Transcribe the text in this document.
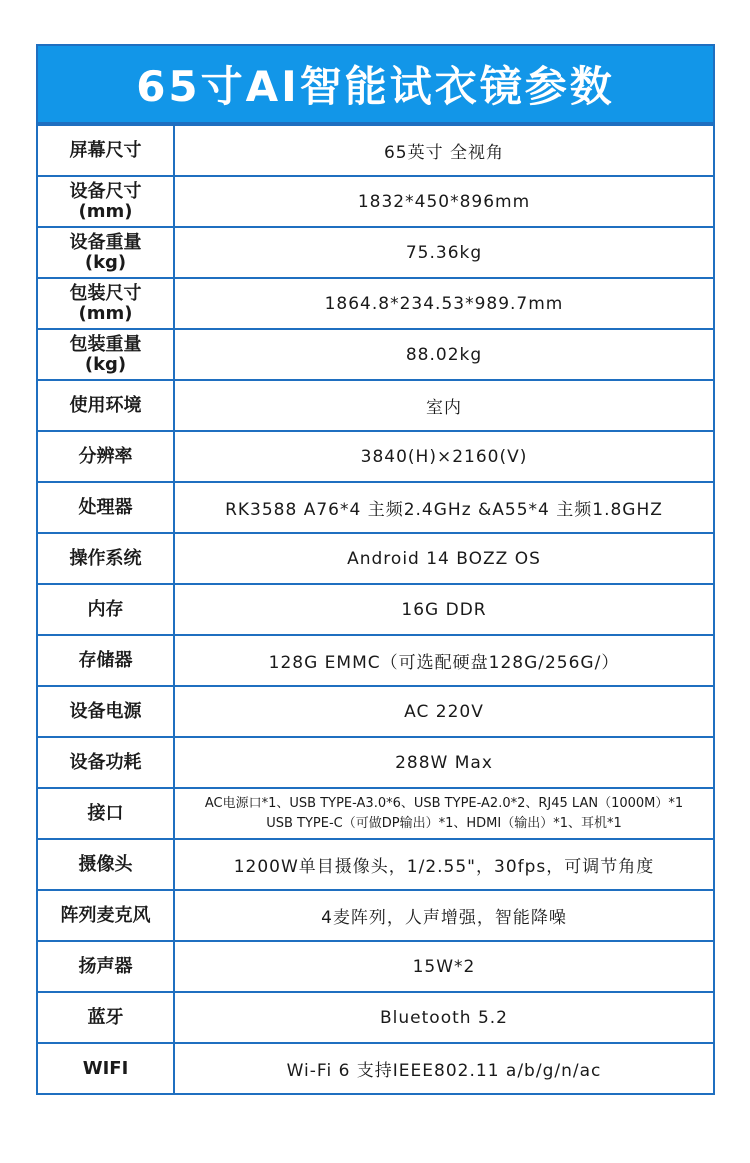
65寸AI智能试衣镜参数
屏幕尺寸	65英寸 全视角
设备尺寸
(mm)	1832*450*896mm
设备重量
(kg)	75.36kg
包装尺寸
(mm)	1864.8*234.53*989.7mm
包装重量
(kg)	88.02kg
使用环境	室内
分辨率	3840(H)×2160(V)
处理器	RK3588 A76*4 主频2.4GHz &A55*4 主频1.8GHZ
操作系统	Android 14 BOZZ OS
内存	16G DDR
存储器	128G EMMC（可选配硬盘128G/256G/）
设备电源	AC 220V
设备功耗	288W Max
接口	AC电源口*1、USB TYPE-A3.0*6、USB TYPE-A2.0*2、RJ45 LAN（1000M）*1
USB TYPE-C（可做DP输出）*1、HDMI（输出）*1、耳机*1
摄像头	1200W单目摄像头，1/2.55"，30fps，可调节角度
阵列麦克风	4麦阵列，人声增强，智能降噪
扬声器	15W*2
蓝牙	Bluetooth 5.2
WIFI	Wi-Fi 6 支持IEEE802.11 a/b/g/n/ac
